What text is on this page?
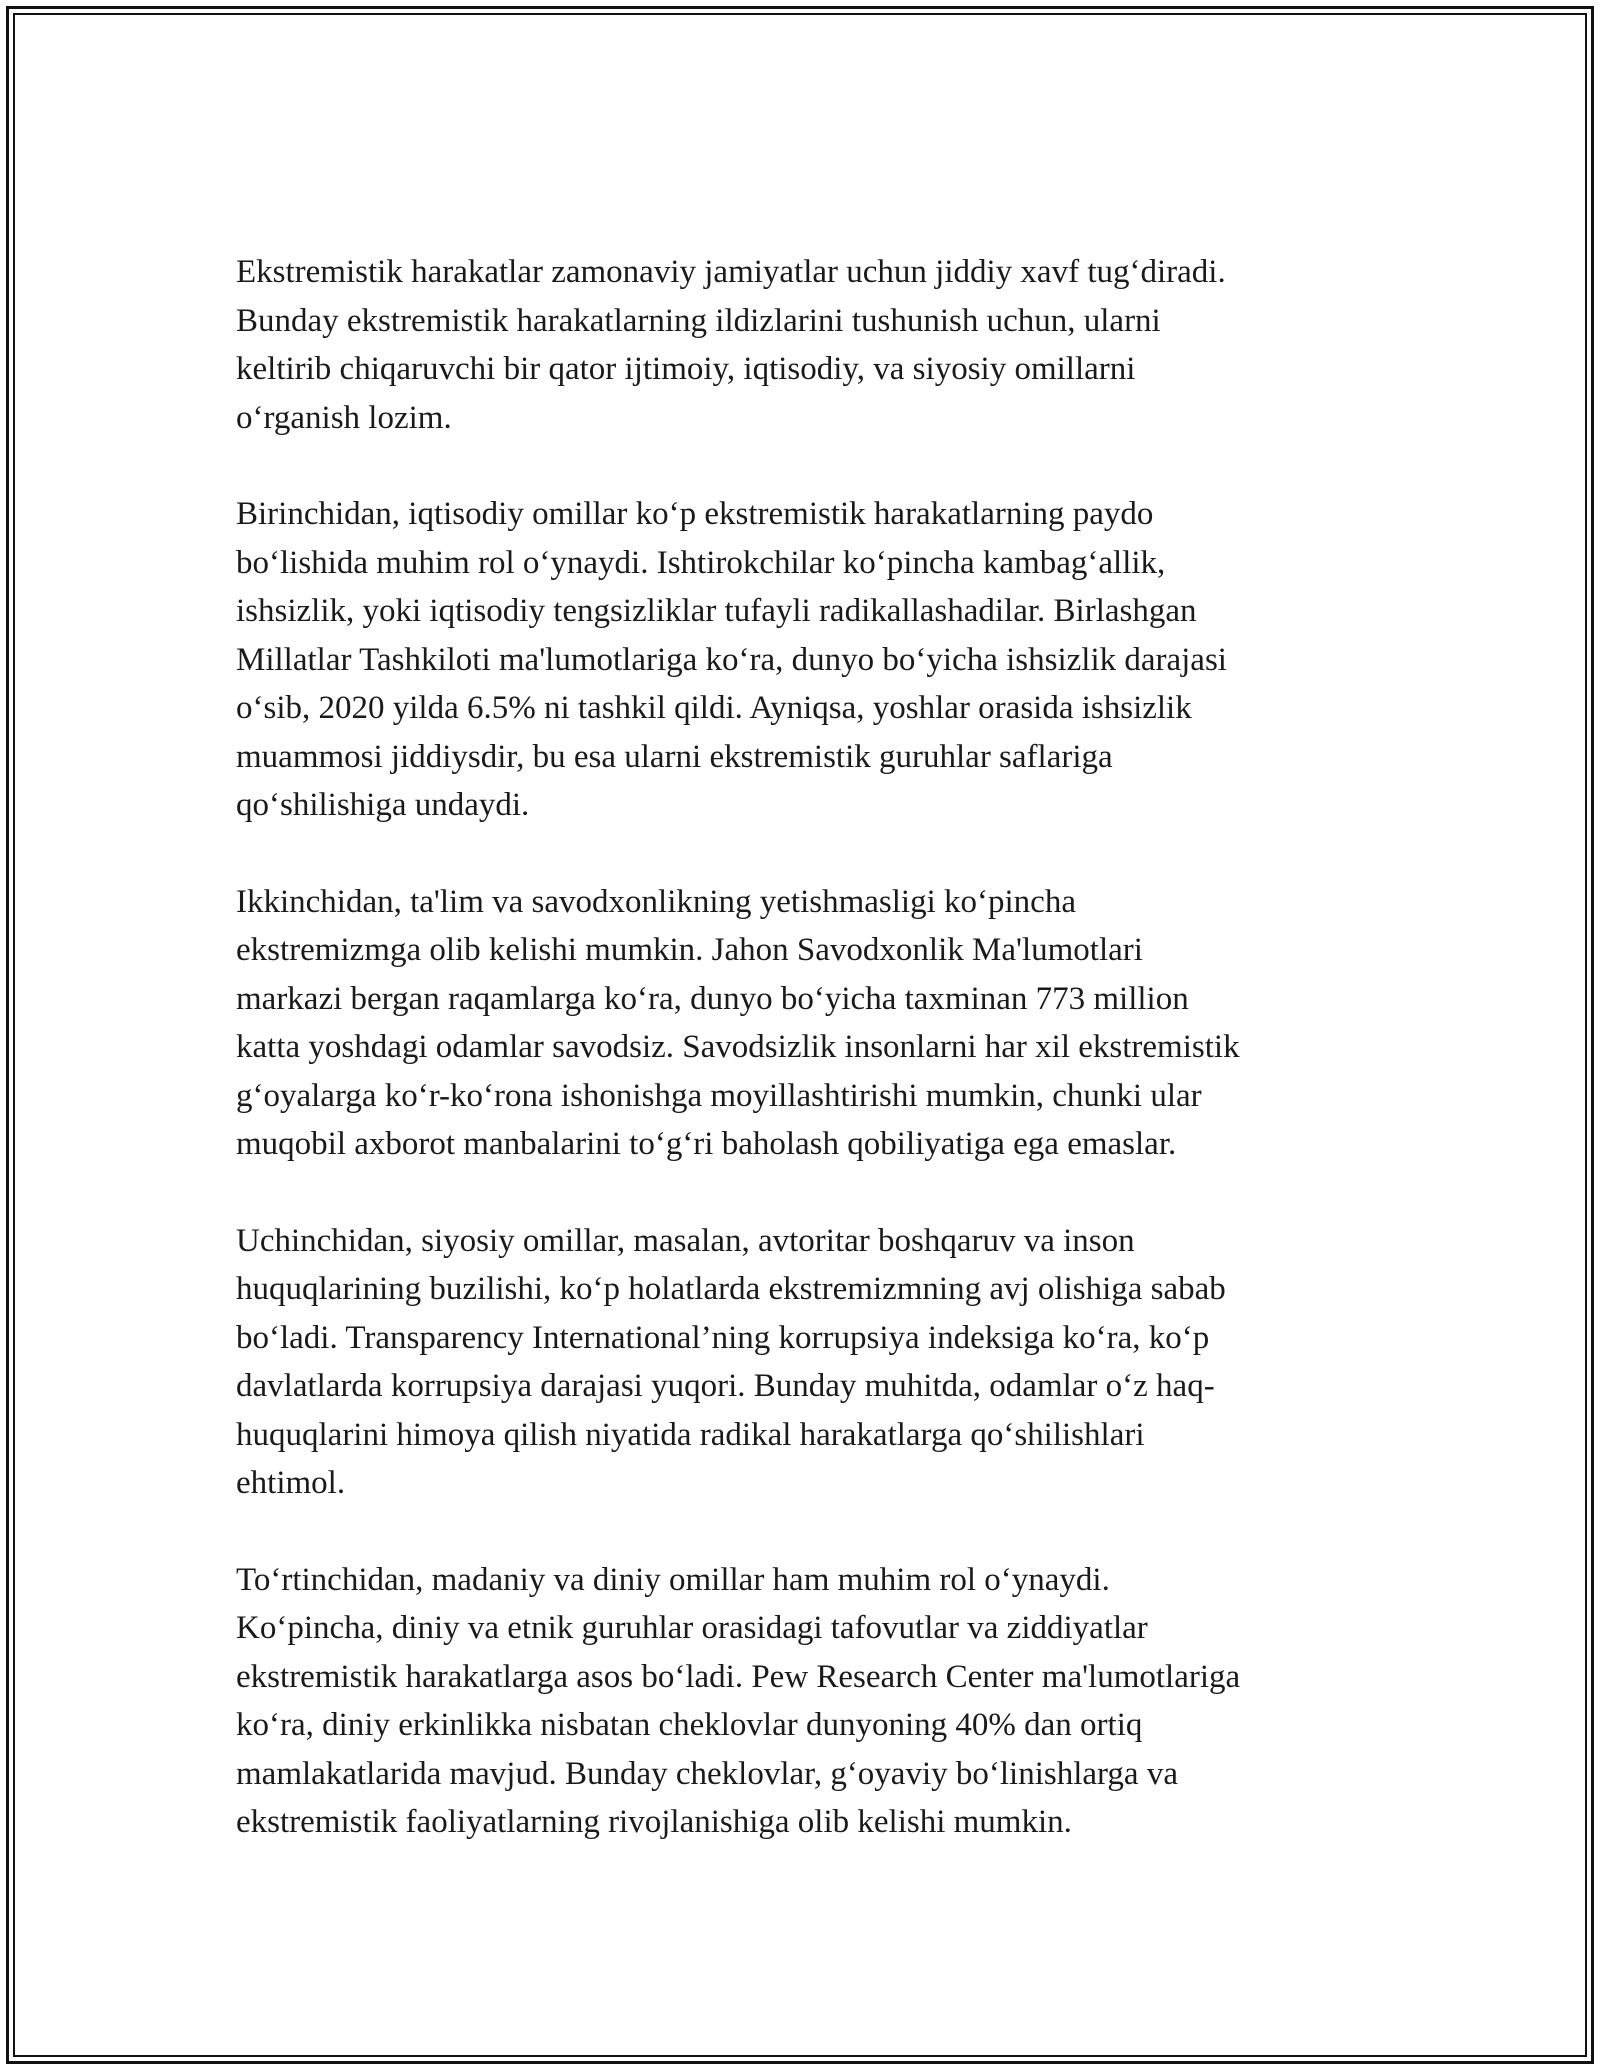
Ekstremistik harakatlar zamonaviy jamiyatlar uchun jiddiy xavf tugʻdiradi.
Bunday ekstremistik harakatlarning ildizlarini tushunish uchun, ularni
keltirib chiqaruvchi bir qator ijtimoiy, iqtisodiy, va siyosiy omillarni
oʻrganish lozim.

Birinchidan, iqtisodiy omillar koʻp ekstremistik harakatlarning paydo
boʻlishida muhim rol oʻynaydi. Ishtirokchilar koʻpincha kambagʻallik,
ishsizlik, yoki iqtisodiy tengsizliklar tufayli radikallashadilar. Birlashgan
Millatlar Tashkiloti ma'lumotlariga koʻra, dunyo boʻyicha ishsizlik darajasi
oʻsib, 2020 yilda 6.5% ni tashkil qildi. Ayniqsa, yoshlar orasida ishsizlik
muammosi jiddiysdir, bu esa ularni ekstremistik guruhlar saflariga
qoʻshilishiga undaydi.

Ikkinchidan, ta'lim va savodxonlikning yetishmasligi koʻpincha
ekstremizmga olib kelishi mumkin. Jahon Savodxonlik Ma'lumotlari
markazi bergan raqamlarga koʻra, dunyo boʻyicha taxminan 773 million
katta yoshdagi odamlar savodsiz. Savodsizlik insonlarni har xil ekstremistik
gʻoyalarga koʻr-koʻrona ishonishga moyillashtirishi mumkin, chunki ular
muqobil axborot manbalarini toʻgʻri baholash qobiliyatiga ega emaslar.

Uchinchidan, siyosiy omillar, masalan, avtoritar boshqaruv va inson
huquqlarining buzilishi, koʻp holatlarda ekstremizmning avj olishiga sabab
boʻladi. Transparency International’ning korrupsiya indeksiga koʻra, koʻp
davlatlarda korrupsiya darajasi yuqori. Bunday muhitda, odamlar oʻz haq-
huquqlarini himoya qilish niyatida radikal harakatlarga qoʻshilishlari
ehtimol.

Toʻrtinchidan, madaniy va diniy omillar ham muhim rol oʻynaydi.
Koʻpincha, diniy va etnik guruhlar orasidagi tafovutlar va ziddiyatlar
ekstremistik harakatlarga asos boʻladi. Pew Research Center ma'lumotlariga
koʻra, diniy erkinlikka nisbatan cheklovlar dunyoning 40% dan ortiq
mamlakatlarida mavjud. Bunday cheklovlar, gʻoyaviy boʻlinishlarga va
ekstremistik faoliyatlarning rivojlanishiga olib kelishi mumkin.
